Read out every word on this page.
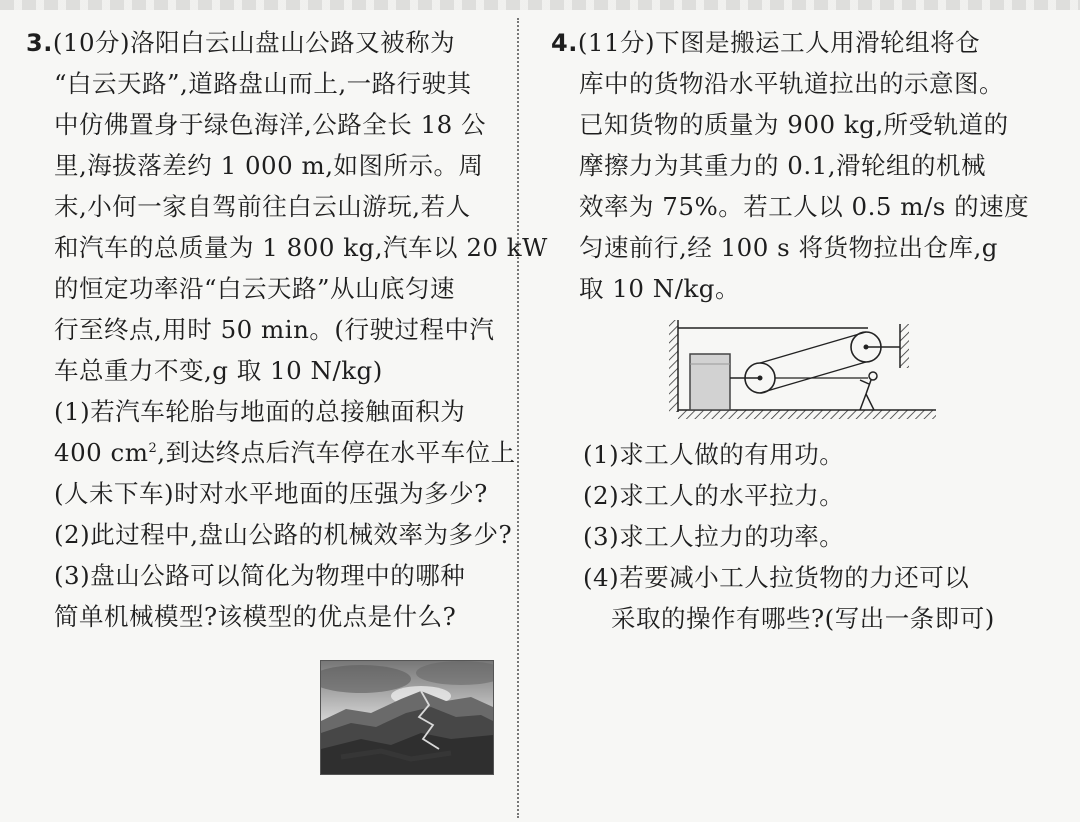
3.(10分)洛阳白云山盘山公路又被称为
“白云天路”,道路盘山而上,一路行驶其
中仿佛置身于绿色海洋,公路全长 18 公
里,海拔落差约 1 000 m,如图所示。周
末,小何一家自驾前往白云山游玩,若人
和汽车的总质量为 1 800 kg,汽车以 20 kW
的恒定功率沿“白云天路”从山底匀速
行至终点,用时 50 min。(行驶过程中汽
车总重力不变,g 取 10 N/kg)
(1)若汽车轮胎与地面的总接触面积为
400 $cm^2$,到达终点后汽车停在水平车位上
(人未下车)时对水平地面的压强为多少?
(2)此过程中,盘山公路的机械效率为多少?
(3)盘山公路可以简化为物理中的哪种
简单机械模型?该模型的优点是什么?
4.(11分)下图是搬运工人用滑轮组将仓
库中的货物沿水平轨道拉出的示意图。
已知货物的质量为 900 kg,所受轨道的
摩擦力为其重力的 0.1,滑轮组的机械
效率为 75%。若工人以 0.5 m/s 的速度
匀速前行,经 100 s 将货物拉出仓库,g
取 10 N/kg。
(1)求工人做的有用功。
(2)求工人的水平拉力。
(3)求工人拉力的功率。
(4)若要减小工人拉货物的力还可以
采取的操作有哪些?(写出一条即可)
